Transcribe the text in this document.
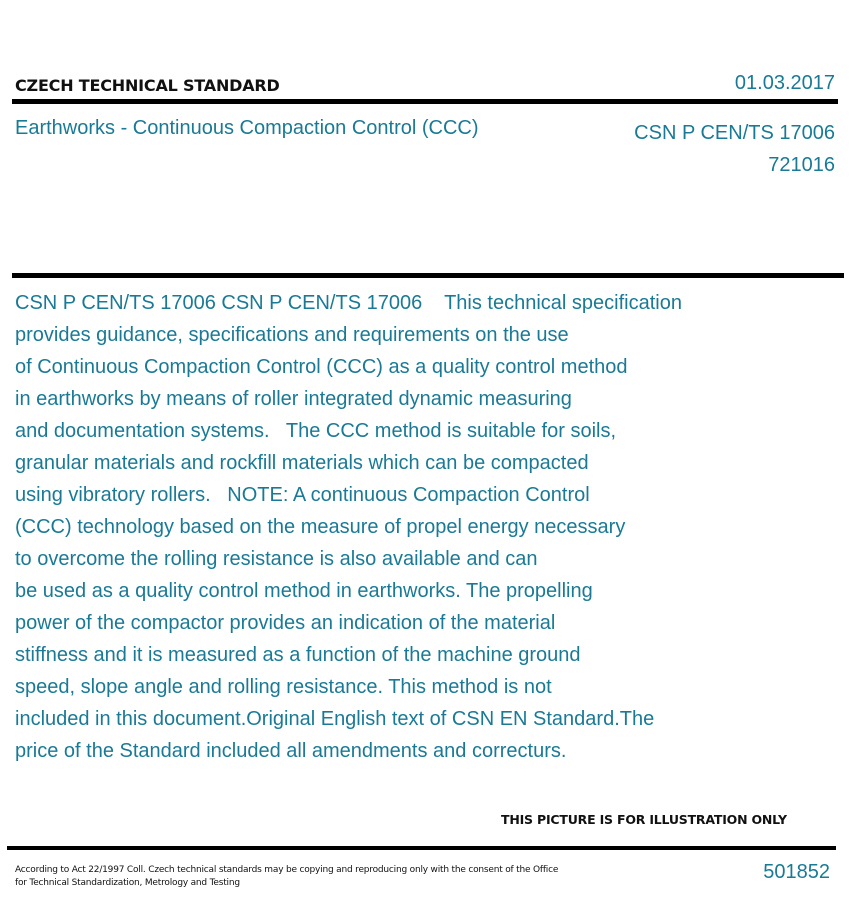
CZECH TECHNICAL STANDARD	01.03.2017
Earthworks - Continuous Compaction Control (CCC)	CSN P CEN/TS 17006
721016
CSN P CEN/TS 17006 CSN P CEN/TS 17006    This technical specification
provides guidance, specifications and requirements on the use
of Continuous Compaction Control (CCC) as a quality control method
in earthworks by means of roller integrated dynamic measuring
and documentation systems.   The CCC method is suitable for soils,
granular materials and rockfill materials which can be compacted
using vibratory rollers.   NOTE: A continuous Compaction Control
(CCC) technology based on the measure of propel energy necessary
to overcome the rolling resistance is also available and can
be used as a quality control method in earthworks. The propelling
power of the compactor provides an indication of the material
stiffness and it is measured as a function of the machine ground
speed, slope angle and rolling resistance. This method is not
included in this document.Original English text of CSN EN Standard.The
price of the Standard included all amendments and correcturs.
THIS PICTURE IS FOR ILLUSTRATION ONLY
According to Act 22/1997 Coll. Czech technical standards may be copying and reproducing only with the consent of the Office
for Technical Standardization, Metrology and Testing	501852
